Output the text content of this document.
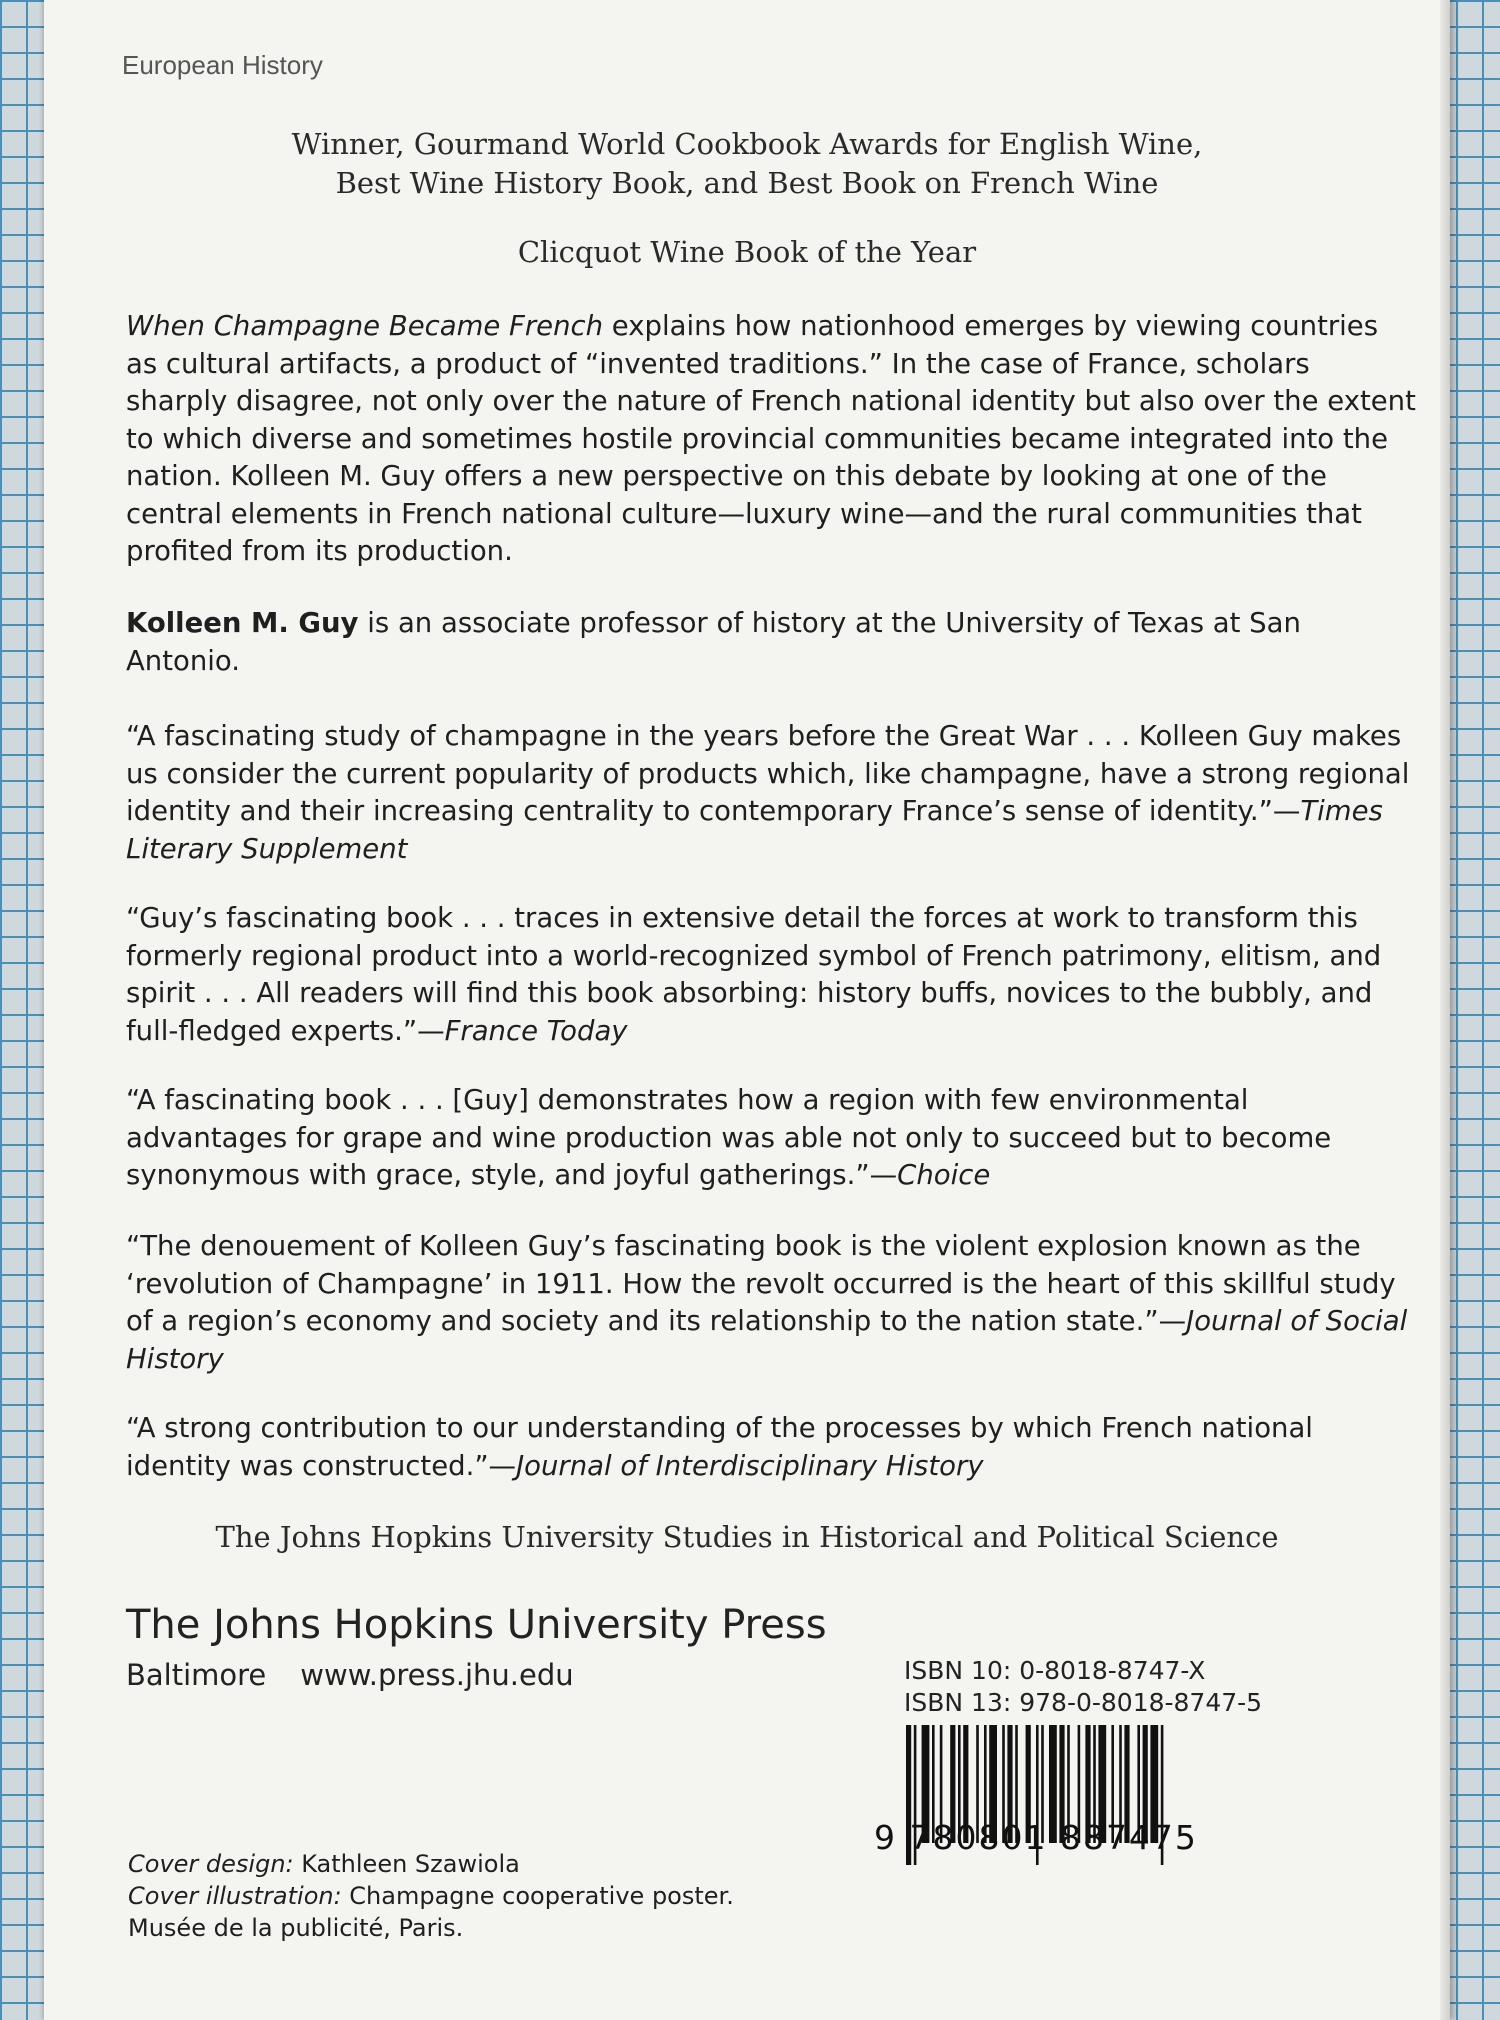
European History
Winner, Gourmand World Cookbook Awards for English Wine,
Best Wine History Book, and Best Book on French Wine
Clicquot Wine Book of the Year
When Champagne Became French explains how nationhood emerges by viewing countries as cultural artifacts, a product of “invented traditions.” In the case of France, scholars sharply disagree, not only over the nature of French national identity but also over the extent to which diverse and sometimes hostile provincial communities became integrated into the nation. Kolleen M. Guy offers a new perspective on this debate by looking at one of the central elements in French national culture—luxury wine—and the rural communities that profited from its production.
Kolleen M. Guy is an associate professor of history at the University of Texas at San Antonio.
“A fascinating study of champagne in the years before the Great War . . . Kolleen Guy makes us consider the current popularity of products which, like champagne, have a strong regional identity and their increasing centrality to contemporary France’s sense of identity.”—Times Literary Supplement
“Guy’s fascinating book . . . traces in extensive detail the forces at work to transform this formerly regional product into a world-recognized symbol of French patrimony, elitism, and spirit . . . All readers will find this book absorbing: history buffs, novices to the bubbly, and full-fledged experts.”—France Today
“A fascinating book . . . [Guy] demonstrates how a region with few environmental advantages for grape and wine production was able not only to succeed but to become synonymous with grace, style, and joyful gatherings.”—Choice
“The denouement of Kolleen Guy’s fascinating book is the violent explosion known as the ‘revolution of Champagne’ in 1911. How the revolt occurred is the heart of this skillful study of a region’s economy and society and its relationship to the nation state.”—Journal of Social History
“A strong contribution to our understanding of the processes by which French national identity was constructed.”—Journal of Interdisciplinary History
The Johns Hopkins University Studies in Historical and Political Science
The Johns Hopkins University Press
Baltimore www.press.jhu.edu	ISBN 10: 0-8018-8747-X
ISBN 13: 978-0-8018-8747-5
9 780801 887475
Cover design: Kathleen Szawiola
Cover illustration: Champagne cooperative poster.
Musée de la publicité, Paris.
